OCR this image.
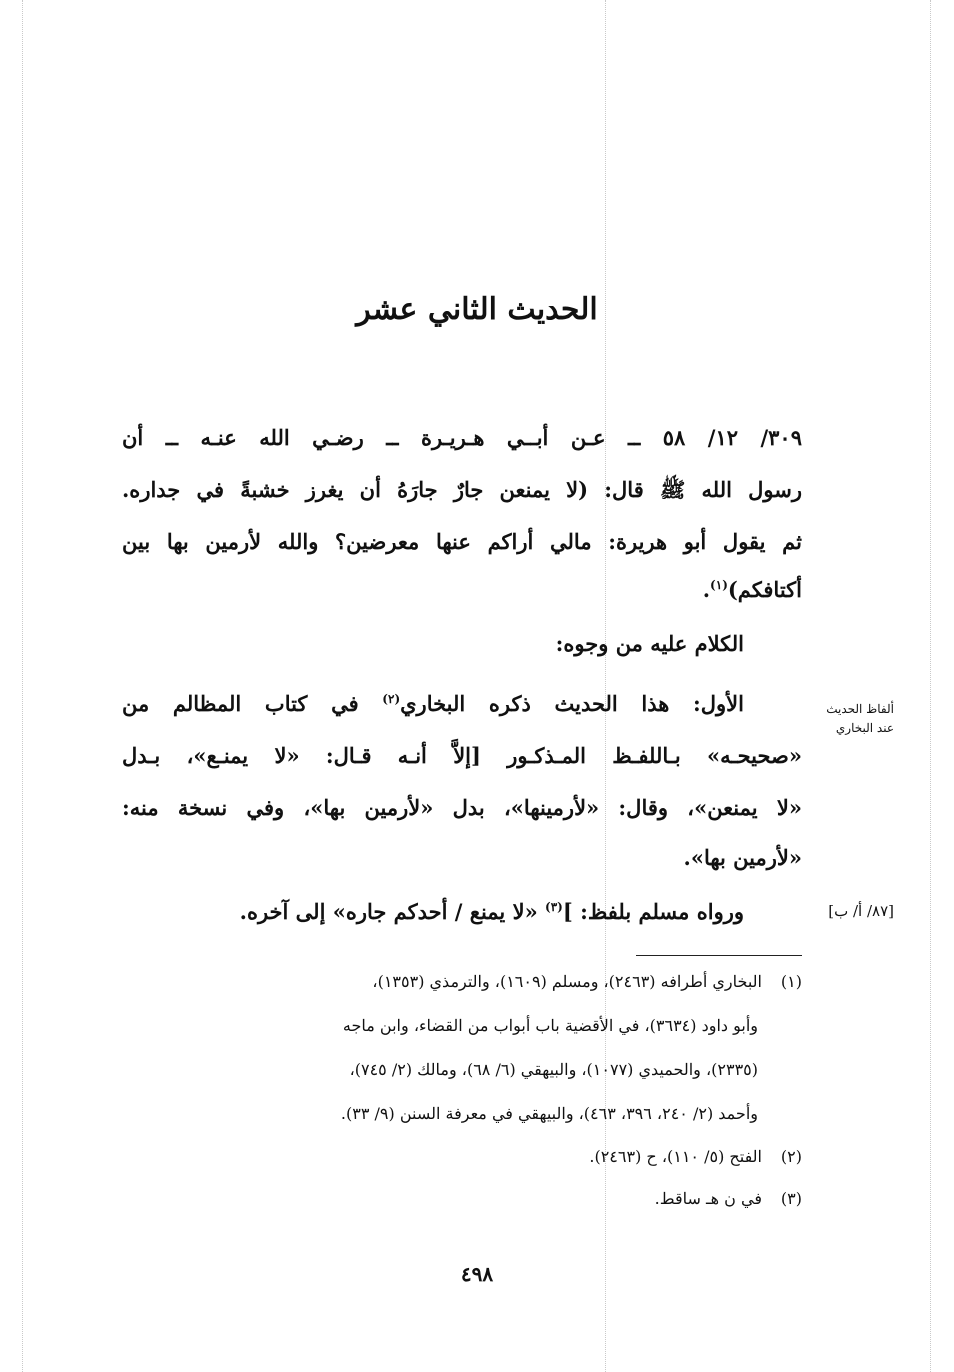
الحديث الثاني عشر
٣٠٩/ ١٢/ ٥٨ ــ عـن أبــي هـريـرة ــ رضـي الله عنـه ــ أن
رسول الله ﷺ قال: (لا يمنعن جارٌ جارَهُ أن يغرز خشبةً في جداره.
ثم يقول أبو هريرة: مالي أراكم عنها معرضين؟ والله لأرمين بها بين
أكتافكم)$^{(١)}$.
الكلام عليه من وجوه:
ألفاظ الحديث
عند البخاري
الأول: هذا الحديث ذكره البخاري$^{(٢)}$ في كتاب المظالم من
«صحيحـه» بـاللفـظ المـذكـور [إلاَّ أنـه قـال: «لا يمنـع»، بـدل
«لا يمنعن»، وقال: «لأرمينها»، بدل «لأرمين بها»، وفي نسخة منه:
«لأرمين بها».
[٨٧/ أ/ ب]
ورواه مسلم بلفظ: ]$^{(٣)}$ «لا يمنع / أحدكم جاره» إلى آخره.
(١)البخاري أطرافه (٢٤٦٣)، ومسلم (١٦٠٩)، والترمذي (١٣٥٣)،
وأبو داود (٣٦٣٤)، في الأقضية باب أبواب من القضاء، وابن ماجه
(٢٣٣٥)، والحميدي (١٠٧٧)، والبيهقي (٦/ ٦٨)، ومالك (٢/ ٧٤٥)،
وأحمد (٢/ ٢٤٠، ٣٩٦، ٤٦٣)، والبيهقي في معرفة السنن (٩/ ٣٣).
(٢)الفتح (٥/ ١١٠)، ح (٢٤٦٣).
(٣)في ن هـ ساقط.
٤٩٨
